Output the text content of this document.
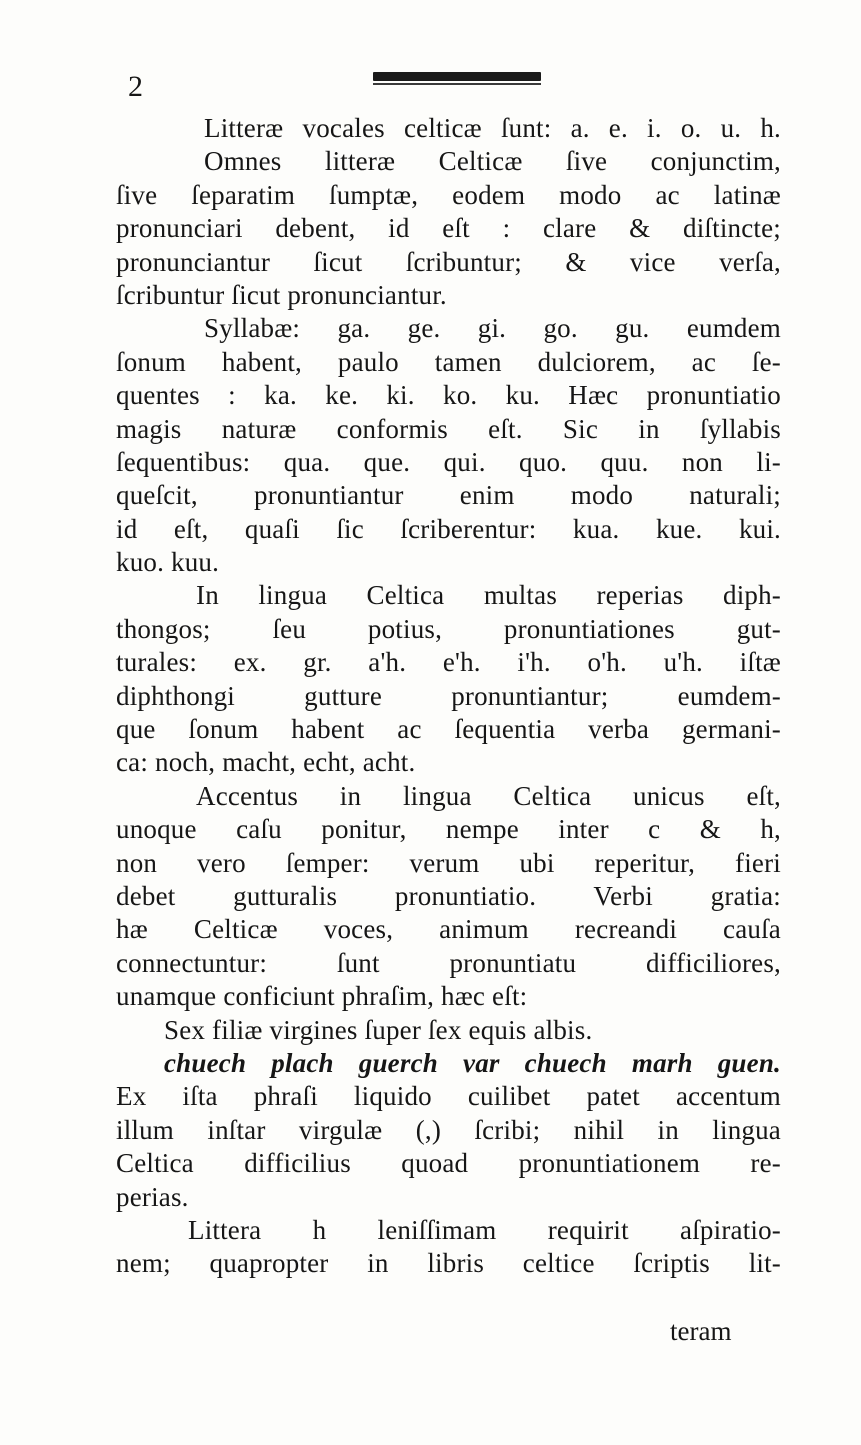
2
Litteræ vocales celticæ ſunt: a. e. i. o. u. h.
Omnes litteræ Celticæ ſive conjunctim,
ſive ſeparatim ſumptæ, eodem modo ac latinæ
pronunciari debent, id eſt : clare & diſtincte;
pronunciantur ſicut ſcribuntur; & vice verſa,
ſcribuntur ſicut pronunciantur.
Syllabæ: ga. ge. gi. go. gu. eumdem
ſonum habent, paulo tamen dulciorem, ac ſe-
quentes : ka. ke. ki. ko. ku. Hæc pronuntiatio
magis naturæ conformis eſt. Sic in ſyllabis
ſequentibus: qua. que. qui. quo. quu. non li-
queſcit, pronuntiantur enim modo naturali;
id eſt, quaſi ſic ſcriberentur: kua. kue. kui.
kuo. kuu.
In lingua Celtica multas reperias diph-
thongos; ſeu potius, pronuntiationes gut-
turales: ex. gr. a'h. e'h. i'h. o'h. u'h. iſtæ
diphthongi gutture pronuntiantur; eumdem-
que ſonum habent ac ſequentia verba germani-
ca: noch, macht, echt, acht.
Accentus in lingua Celtica unicus eſt,
unoque caſu ponitur, nempe inter c & h,
non vero ſemper: verum ubi reperitur, fieri
debet gutturalis pronuntiatio. Verbi gratia:
hæ Celticæ voces, animum recreandi cauſa
connectuntur: ſunt pronuntiatu difficiliores,
unamque conficiunt phraſim, hæc eſt:
Sex filiæ virgines ſuper ſex equis albis.
chuech plach guerch var chuech marh guen.
Ex iſta phraſi liquido cuilibet patet accentum
illum inſtar virgulæ (,) ſcribi; nihil in lingua
Celtica difficilius quoad pronuntiationem re-
perias.
Littera h leniſſimam requirit aſpiratio-
nem; quapropter in libris celtice ſcriptis lit-
teram
